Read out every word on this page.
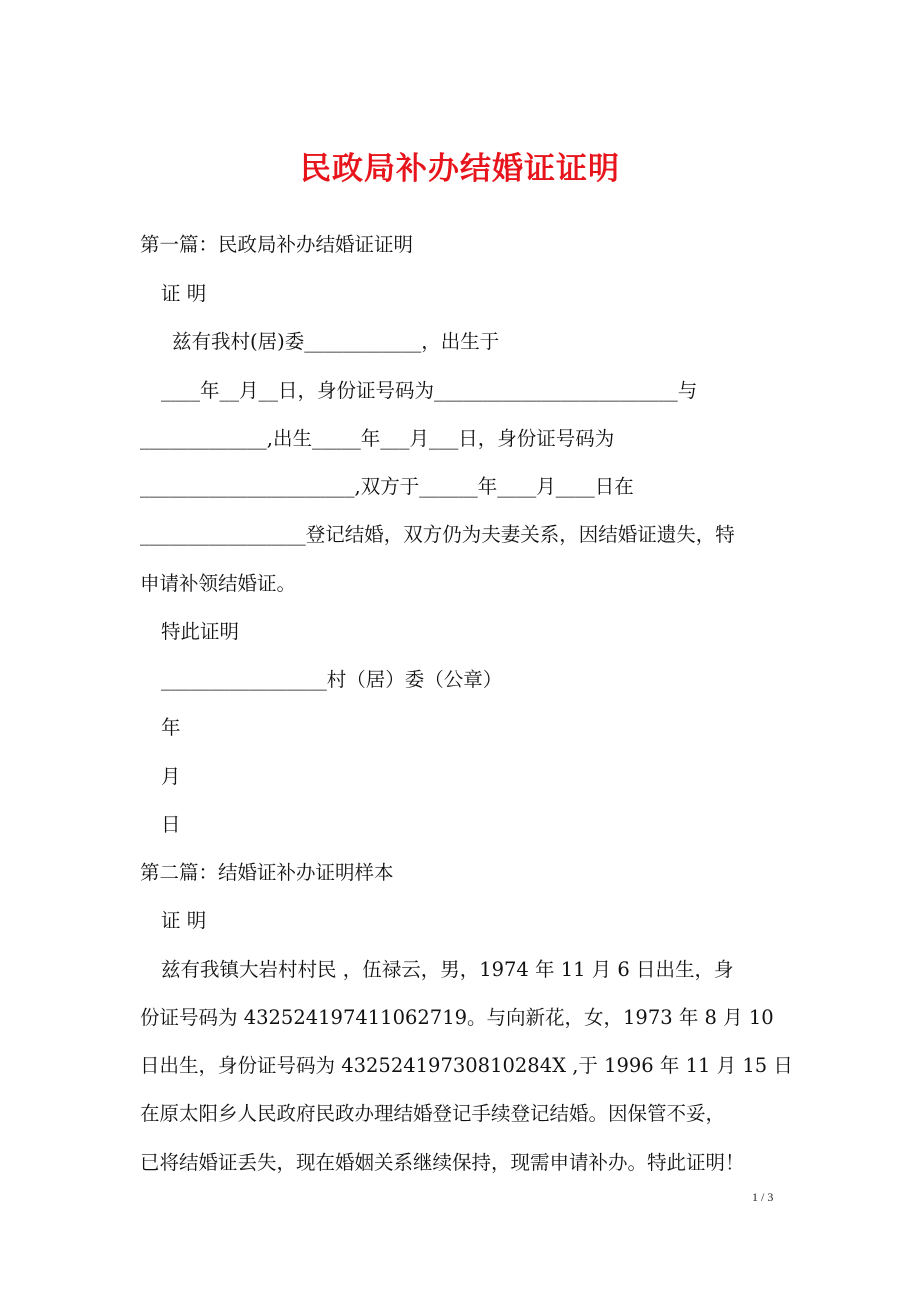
民政局补办结婚证证明

第一篇：民政局补办结婚证证明

证 明

兹有我村(居)委____________，出生于

____年__月__日，身份证号码为_________________________与

_____________,出生_____年___月___日，身份证号码为

______________________,双方于______年____月____日在

_________________登记结婚，双方仍为夫妻关系，因结婚证遗失，特

申请补领结婚证。

特此证明

_________________村（居）委（公章）

年

月

日

第二篇：结婚证补办证明样本

证 明

兹有我镇大岩村村民 ，伍禄云，男，1974 年 11 月 6 日出生，身

份证号码为 432524197411062719。与向新花，女，1973 年 8 月 10

日出生，身份证号码为 43252419730810284X ,于 1996 年 11 月 15 日

在原太阳乡人民政府民政办理结婚登记手续登记结婚。因保管不妥，

已将结婚证丢失，现在婚姻关系继续保持，现需申请补办。特此证明！

1 / 3
